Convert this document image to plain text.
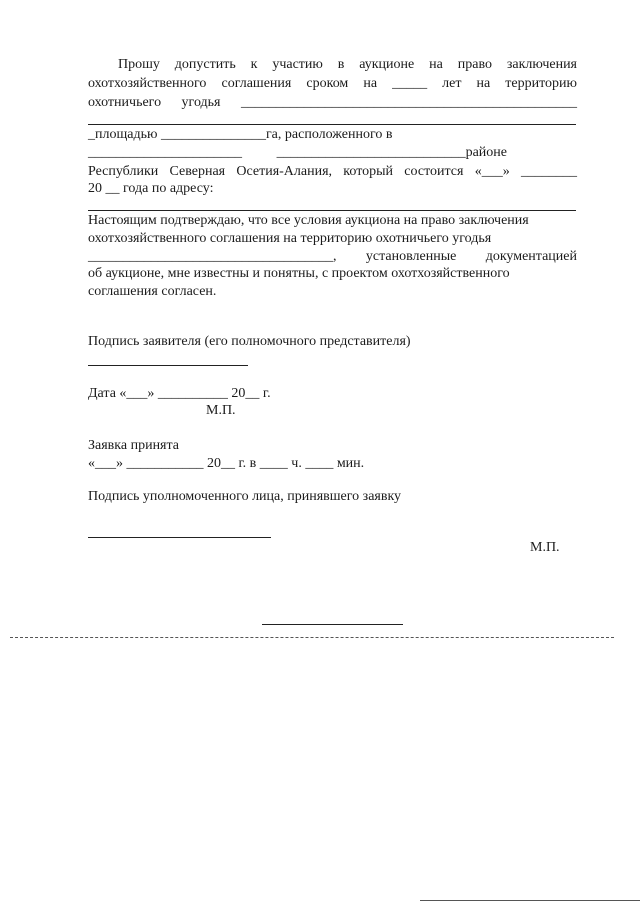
Прошу допустить к участию в аукционе на право заключения
охотхозяйственного соглашения сроком на _____ лет на территорию
охотничьего угодья ________________________________________________
_площадью _______________га, расположенного в
______________________ ___________________________районе
Республики Северная Осетия-Алания, который состоится «___» ________
20 __ года по адресу:
Настоящим подтверждаю, что все условия аукциона на право заключения
охотхозяйственного соглашения на территорию охотничьего угодья
___________________________________, установленные документацией
об аукционе, мне известны и понятны, с проектом охотхозяйственного
соглашения согласен.
Подпись заявителя (его полномочного представителя)
Дата «___» __________ 20__ г.
М.П.
Заявка принята
«___» ___________ 20__ г. в ____ ч. ____ мин.
Подпись уполномоченного лица, принявшего заявку
М.П.
